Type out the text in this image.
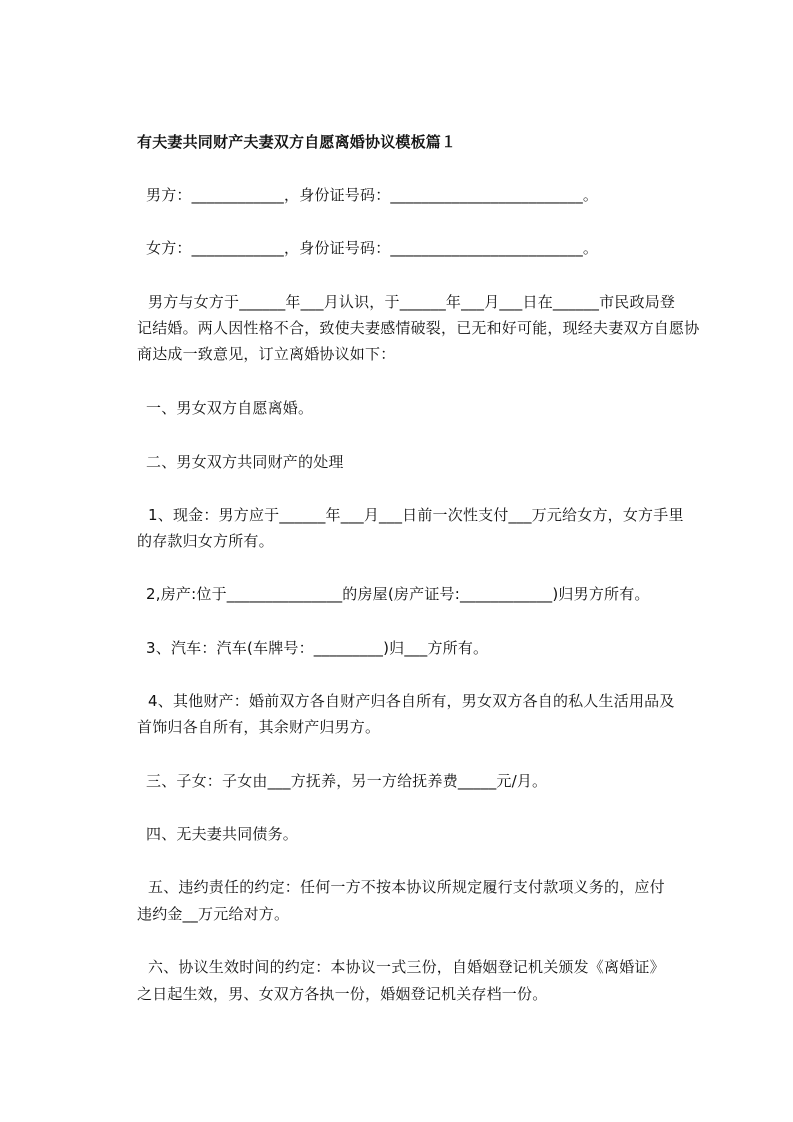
有夫妻共同财产夫妻双方自愿离婚协议模板篇１
男方：____________，身份证号码：_________________________。
女方：____________，身份证号码：_________________________。
男方与女方于______年___月认识，于______年___月___日在______市民政局登
记结婚。两人因性格不合，致使夫妻感情破裂，已无和好可能，现经夫妻双方自愿协
商达成一致意见，订立离婚协议如下：
一、男女双方自愿离婚。
二、男女双方共同财产的处理
1、现金：男方应于______年___月___日前一次性支付___万元给女方，女方手里
的存款归女方所有。
2,房产:位于_______________的房屋(房产证号:____________)归男方所有。
3、汽车：汽车(车牌号：_________)归___方所有。
4、其他财产：婚前双方各自财产归各自所有，男女双方各自的私人生活用品及
首饰归各自所有，其余财产归男方。
三、子女：子女由___方抚养，另一方给抚养费_____元/月。
四、无夫妻共同债务。
五、违约责任的约定：任何一方不按本协议所规定履行支付款项义务的，应付
违约金__万元给对方。
六、协议生效时间的约定：本协议一式三份，自婚姻登记机关颁发《离婚证》
之日起生效，男、女双方各执一份，婚姻登记机关存档一份。
